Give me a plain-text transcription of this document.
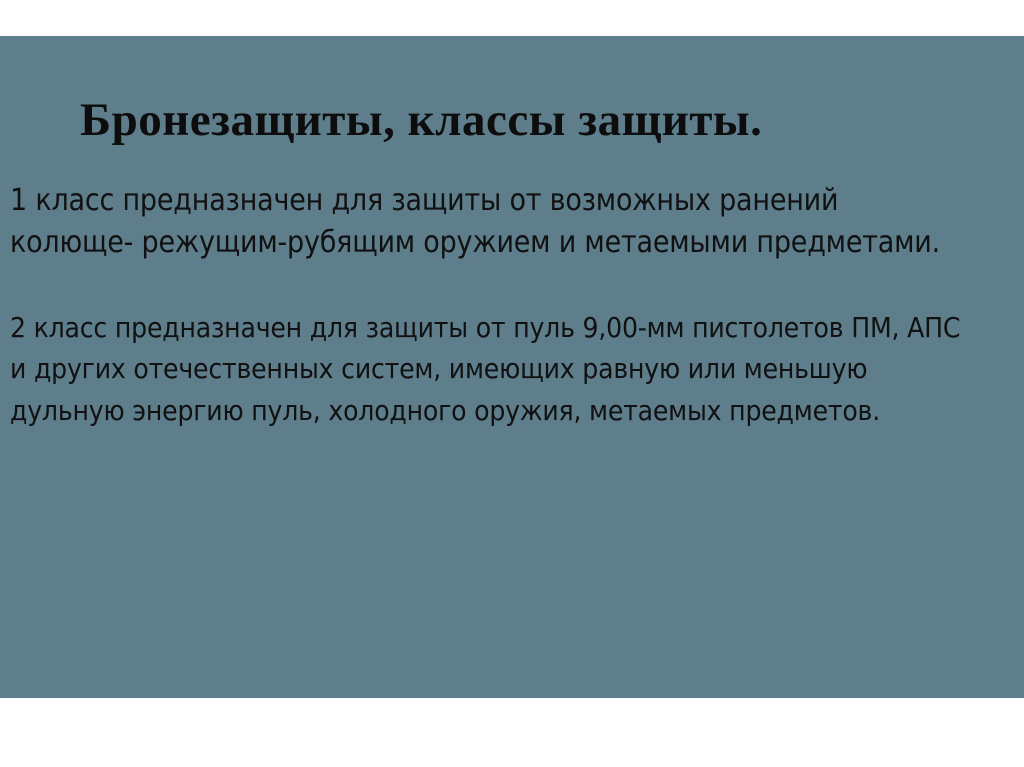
Бронезащиты, классы защиты.

1 класс предназначен для защиты от возможных ранений колюще- режущим-рубящим оружием и метаемыми предметами.

2 класс предназначен для защиты от пуль 9,00-мм пистолетов ПМ, АПС и других отечественных систем, имеющих равную или меньшую дульную энергию пуль, холодного оружия, метаемых предметов.
